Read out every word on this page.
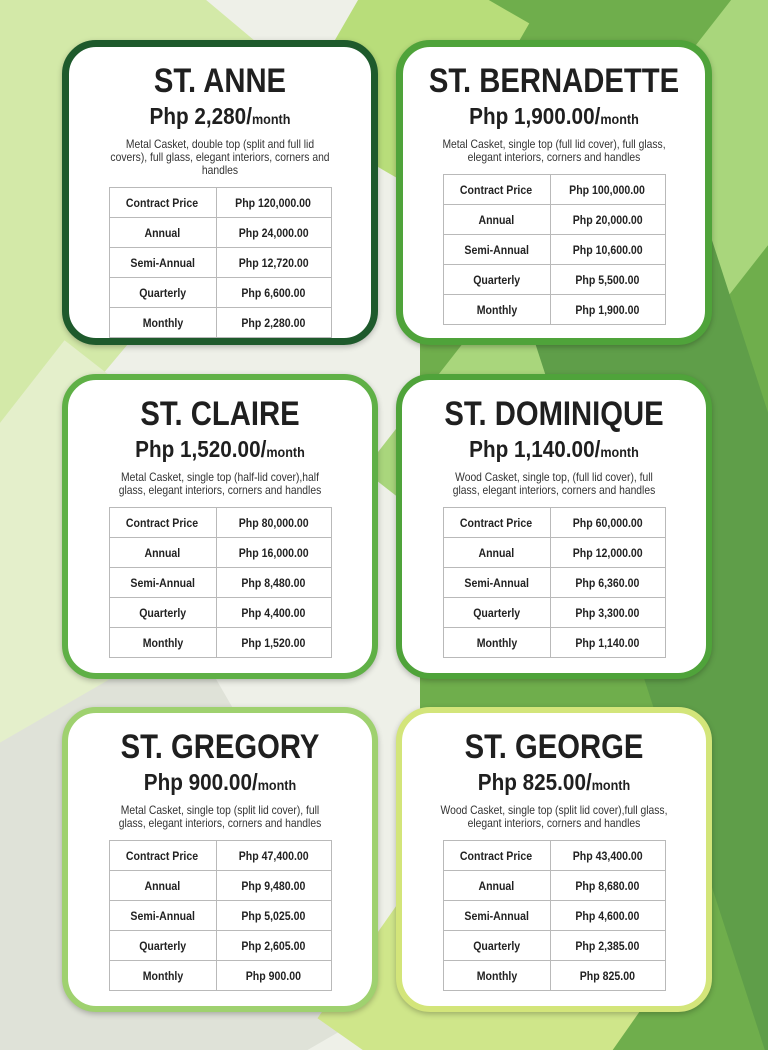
ST. ANNE
Php 2,280/month
Metal Casket, double top (split and full lid covers), full glass, elegant interiors, corners and handles
Contract Price	Php 120,000.00
Annual	Php 24,000.00
Semi-Annual	Php 12,720.00
Quarterly	Php 6,600.00
Monthly	Php 2,280.00
ST. BERNADETTE
Php 1,900.00/month
Metal Casket, single top (full lid cover), full glass, elegant interiors, corners and handles
Contract Price	Php 100,000.00
Annual	Php 20,000.00
Semi-Annual	Php 10,600.00
Quarterly	Php 5,500.00
Monthly	Php 1,900.00
ST. CLAIRE
Php 1,520.00/month
Metal Casket, single top (half-lid cover),half glass, elegant interiors, corners and handles
Contract Price	Php 80,000.00
Annual	Php 16,000.00
Semi-Annual	Php 8,480.00
Quarterly	Php 4,400.00
Monthly	Php 1,520.00
ST. DOMINIQUE
Php 1,140.00/month
Wood Casket, single top, (full lid cover), full glass, elegant interiors, corners and handles
Contract Price	Php 60,000.00
Annual	Php 12,000.00
Semi-Annual	Php 6,360.00
Quarterly	Php 3,300.00
Monthly	Php 1,140.00
ST. GREGORY
Php 900.00/month
Metal Casket, single top (split lid cover), full glass, elegant interiors, corners and handles
Contract Price	Php 47,400.00
Annual	Php 9,480.00
Semi-Annual	Php 5,025.00
Quarterly	Php 2,605.00
Monthly	Php 900.00
ST. GEORGE
Php 825.00/month
Wood Casket, single top (split lid cover),full glass, elegant interiors, corners and handles
Contract Price	Php 43,400.00
Annual	Php 8,680.00
Semi-Annual	Php 4,600.00
Quarterly	Php 2,385.00
Monthly	Php 825.00
